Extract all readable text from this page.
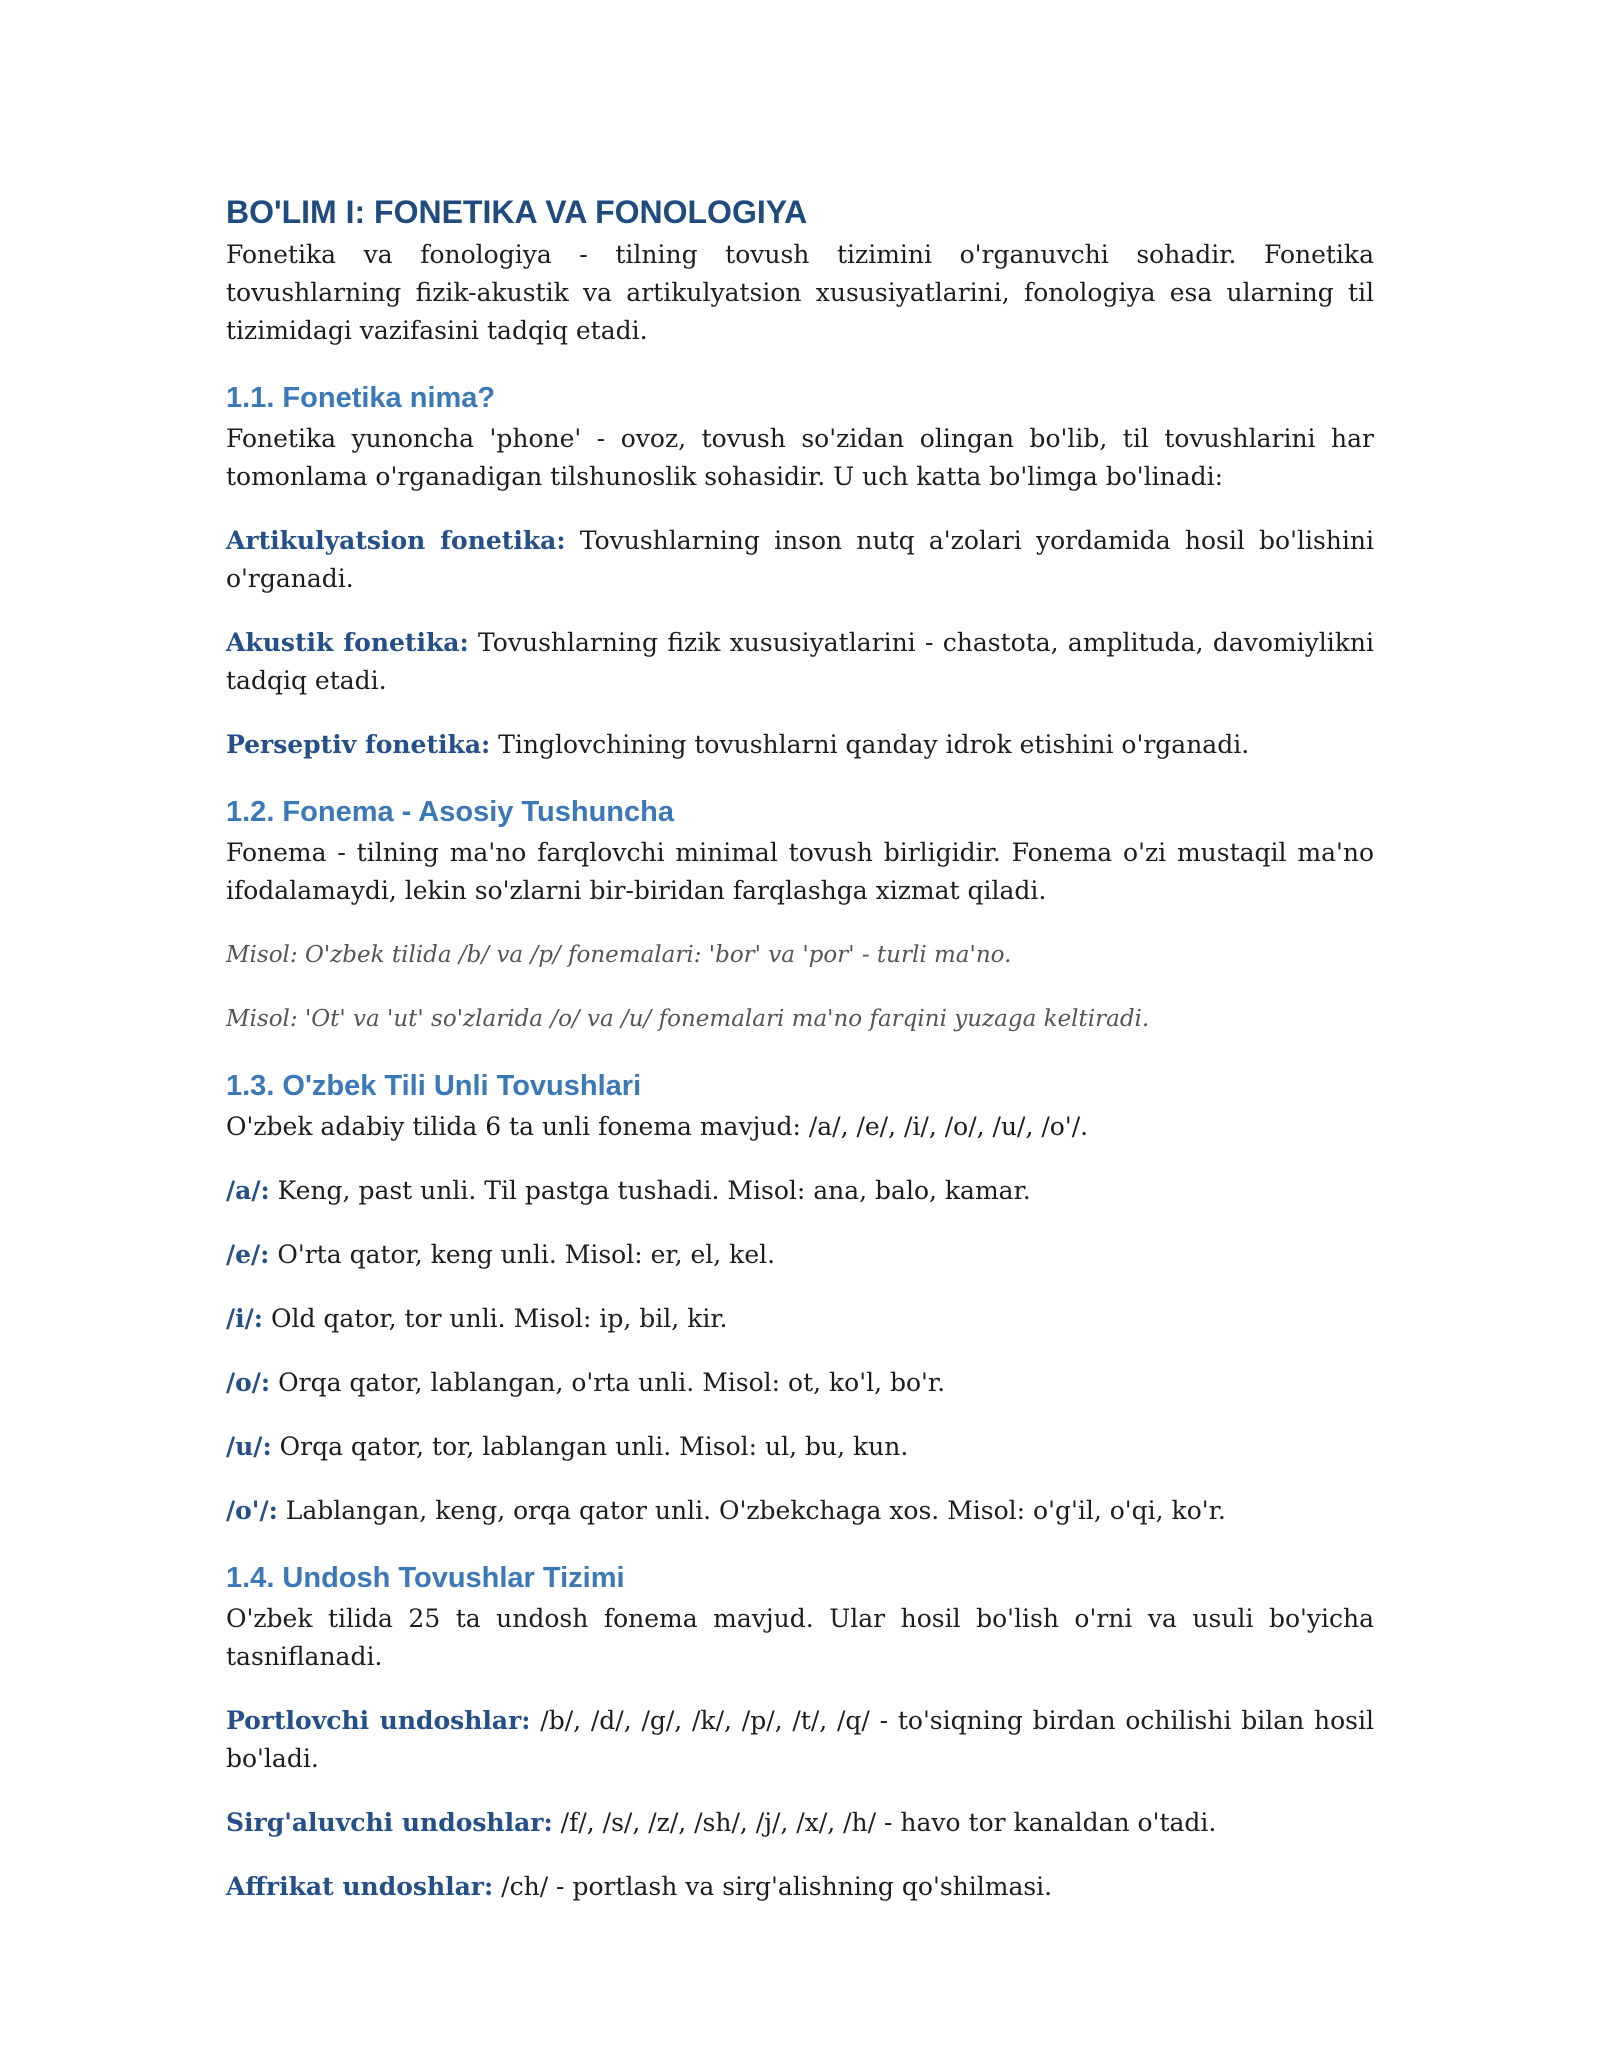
BO'LIM I: FONETIKA VA FONOLOGIYA

Fonetika va fonologiya - tilning tovush tizimini o'rganuvchi sohadir. Fonetika tovushlarning fizik-akustik va artikulyatsion xususiyatlarini, fonologiya esa ularning til tizimidagi vazifasini tadqiq etadi.

1.1. Fonetika nima?

Fonetika yunoncha 'phone' - ovoz, tovush so'zidan olingan bo'lib, til tovushlarini har tomonlama o'rganadigan tilshunoslik sohasidir. U uch katta bo'limga bo'linadi:

Artikulyatsion fonetika: Tovushlarning inson nutq a'zolari yordamida hosil bo'lishini o'rganadi.

Akustik fonetika: Tovushlarning fizik xususiyatlarini - chastota, amplituda, davomiylikni tadqiq etadi.

Perseptiv fonetika: Tinglovchining tovushlarni qanday idrok etishini o'rganadi.

1.2. Fonema - Asosiy Tushuncha

Fonema - tilning ma'no farqlovchi minimal tovush birligidir. Fonema o'zi mustaqil ma'no ifodalamaydi, lekin so'zlarni bir-biridan farqlashga xizmat qiladi.

Misol: O'zbek tilida /b/ va /p/ fonemalari: 'bor' va 'por' - turli ma'no.

Misol: 'Ot' va 'ut' so'zlarida /o/ va /u/ fonemalari ma'no farqini yuzaga keltiradi.

1.3. O'zbek Tili Unli Tovushlari

O'zbek adabiy tilida 6 ta unli fonema mavjud: /a/, /e/, /i/, /o/, /u/, /o'/.

/a/: Keng, past unli. Til pastga tushadi. Misol: ana, balo, kamar.

/e/: O'rta qator, keng unli. Misol: er, el, kel.

/i/: Old qator, tor unli. Misol: ip, bil, kir.

/o/: Orqa qator, lablangan, o'rta unli. Misol: ot, ko'l, bo'r.

/u/: Orqa qator, tor, lablangan unli. Misol: ul, bu, kun.

/o'/: Lablangan, keng, orqa qator unli. O'zbekchaga xos. Misol: o'g'il, o'qi, ko'r.

1.4. Undosh Tovushlar Tizimi

O'zbek tilida 25 ta undosh fonema mavjud. Ular hosil bo'lish o'rni va usuli bo'yicha tasniflanadi.

Portlovchi undoshlar: /b/, /d/, /g/, /k/, /p/, /t/, /q/ - to'siqning birdan ochilishi bilan hosil bo'ladi.

Sirg'aluvchi undoshlar: /f/, /s/, /z/, /sh/, /j/, /x/, /h/ - havo tor kanaldan o'tadi.

Affrikat undoshlar: /ch/ - portlash va sirg'alishning qo'shilmasi.
